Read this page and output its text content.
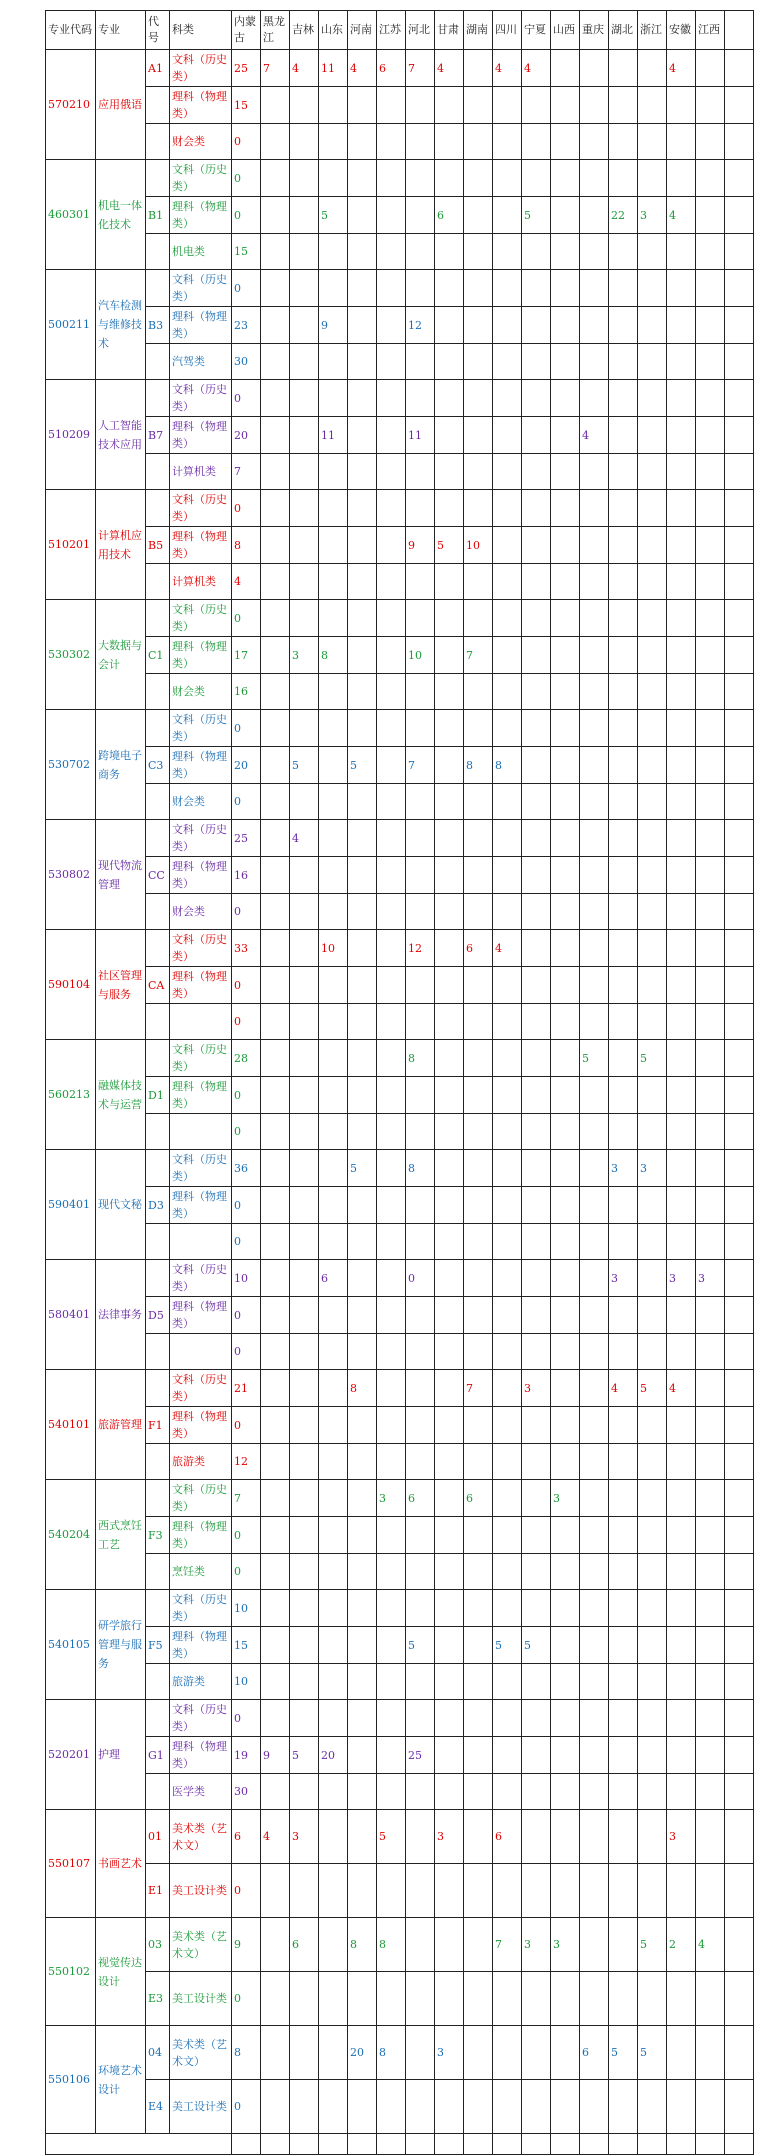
专业代码	专业	代号	科类	内蒙古	黑龙江	吉林	山东	河南	江苏	河北	甘肃	湖南	四川	宁夏	山西	重庆	湖北	浙江	安徽	江西	
570210	应用俄语	A1	文科（历史类）	25	7	4	11	4	6	7	4		4	4					4		
			理科（物理类）	15																	
			财会类	0																	
460301	机电一体化技术		文科（历史类）	0																	
		B1	理科（物理类）	0			5				6			5			22	3	4		
			机电类	15																	
500211	汽车检测与维修技术		文科（历史类）	0																	
		B3	理科（物理类）	23			9			12											
			汽驾类	30																	
510209	人工智能技术应用		文科（历史类）	0																	
		B7	理科（物理类）	20			11			11						4					
			计算机类	7																	
510201	计算机应用技术		文科（历史类）	0																	
		B5	理科（物理类）	8						9	5	10									
			计算机类	4																	
530302	大数据与会计		文科（历史类）	0																	
		C1	理科（物理类）	17		3	8			10		7									
			财会类	16																	
530702	跨境电子商务		文科（历史类）	0																	
		C3	理科（物理类）	20		5		5		7		8	8								
			财会类	0																	
530802	现代物流管理		文科（历史类）	25		4															
		CC	理科（物理类）	16																	
			财会类	0																	
590104	社区管理与服务		文科（历史类）	33			10			12		6	4								
		CA	理科（物理类）	0																	
				0																	
560213	融媒体技术与运营		文科（历史类）	28						8						5		5			
		D1	理科（物理类）	0																	
				0																	
590401	现代文秘		文科（历史类）	36				5		8							3	3			
		D3	理科（物理类）	0																	
				0																	
580401	法律事务		文科（历史类）	10			6			0							3		3	3	
		D5	理科（物理类）	0																	
				0																	
540101	旅游管理		文科（历史类）	21				8				7		3			4	5	4		
		F1	理科（物理类）	0																	
			旅游类	12																	
540204	西式烹饪工艺		文科（历史类）	7					3	6		6			3						
		F3	理科（物理类）	0																	
			烹饪类	0																	
540105	研学旅行管理与服务		文科（历史类）	10																	
		F5	理科（物理类）	15						5			5	5							
			旅游类	10																	
520201	护理		文科（历史类）	0																	
		G1	理科（物理类）	19	9	5	20			25											
			医学类	30																	
550107	书画艺术	01	美术类（艺术文）	6	4	3			5		3		6						3		
		E1	美工设计类	0																	
550102	视觉传达设计	03	美术类（艺术文）	9		6		8	8				7	3	3			5	2	4	
		E3	美工设计类	0																	
550106	环境艺术设计	04	美术类（艺术文）	8				20	8		3					6	5	5			
		E4	美工设计类	0																	
